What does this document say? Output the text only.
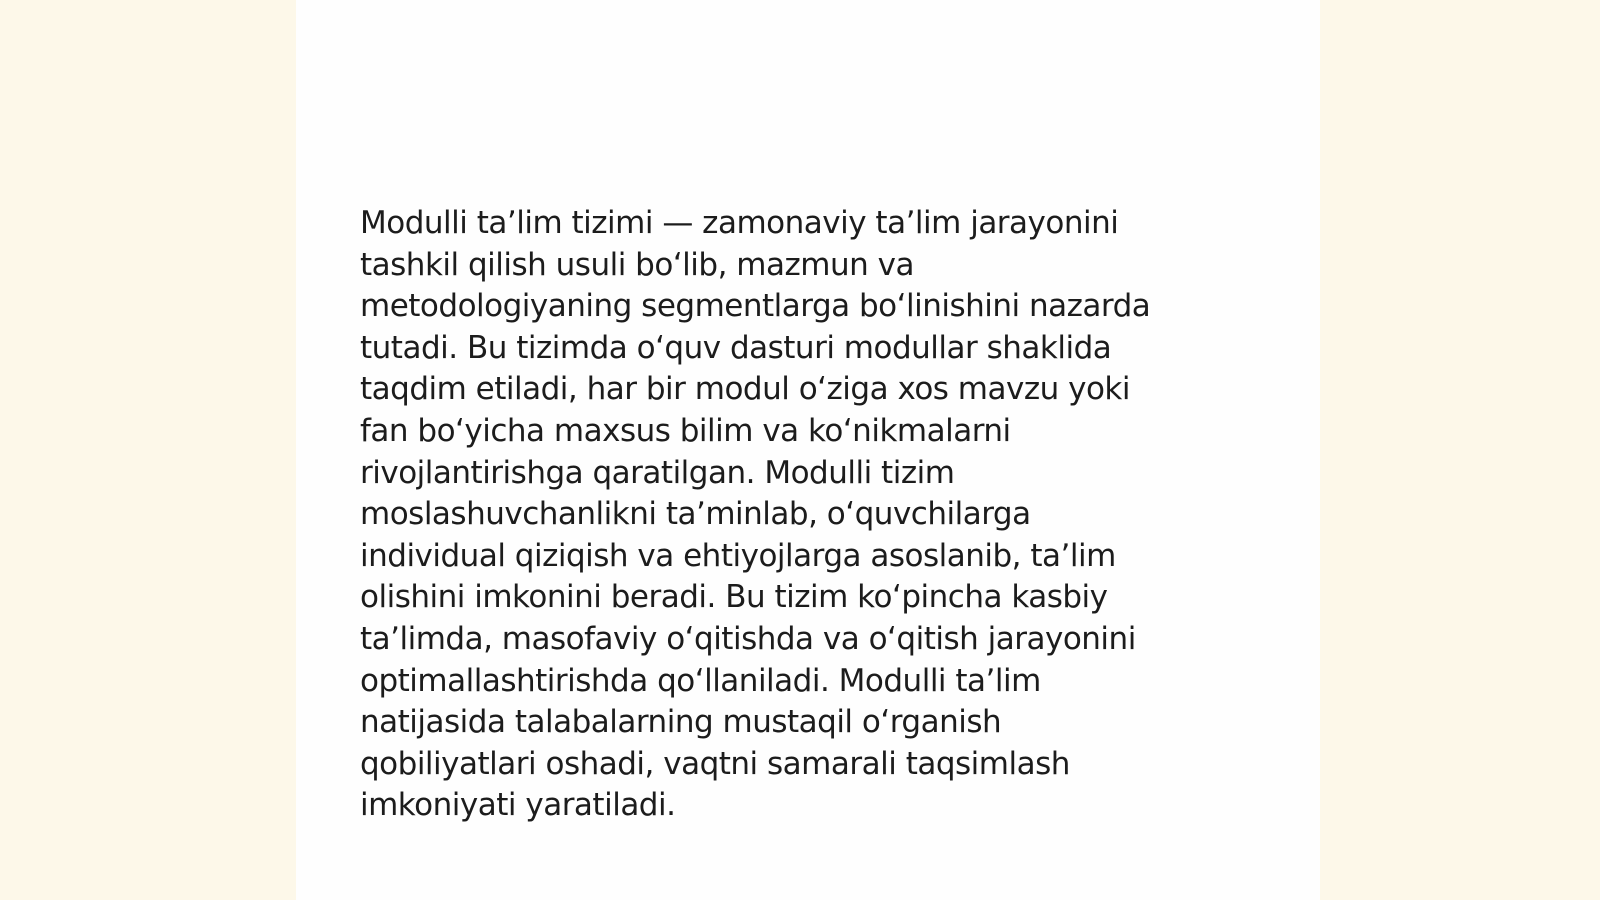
Modulli ta’lim tizimi — zamonaviy ta’lim jarayonini
tashkil qilish usuli boʻlib, mazmun va
metodologiyaning segmentlarga boʻlinishini nazarda
tutadi. Bu tizimda oʻquv dasturi modullar shaklida
taqdim etiladi, har bir modul oʻziga xos mavzu yoki
fan boʻyicha maxsus bilim va koʻnikmalarni
rivojlantirishga qaratilgan. Modulli tizim
moslashuvchanlikni ta’minlab, oʻquvchilarga
individual qiziqish va ehtiyojlarga asoslanib, ta’lim
olishini imkonini beradi. Bu tizim koʻpincha kasbiy
ta’limda, masofaviy oʻqitishda va oʻqitish jarayonini
optimallashtirishda qoʻllaniladi. Modulli ta’lim
natijasida talabalarning mustaqil oʻrganish
qobiliyatlari oshadi, vaqtni samarali taqsimlash
imkoniyati yaratiladi.
